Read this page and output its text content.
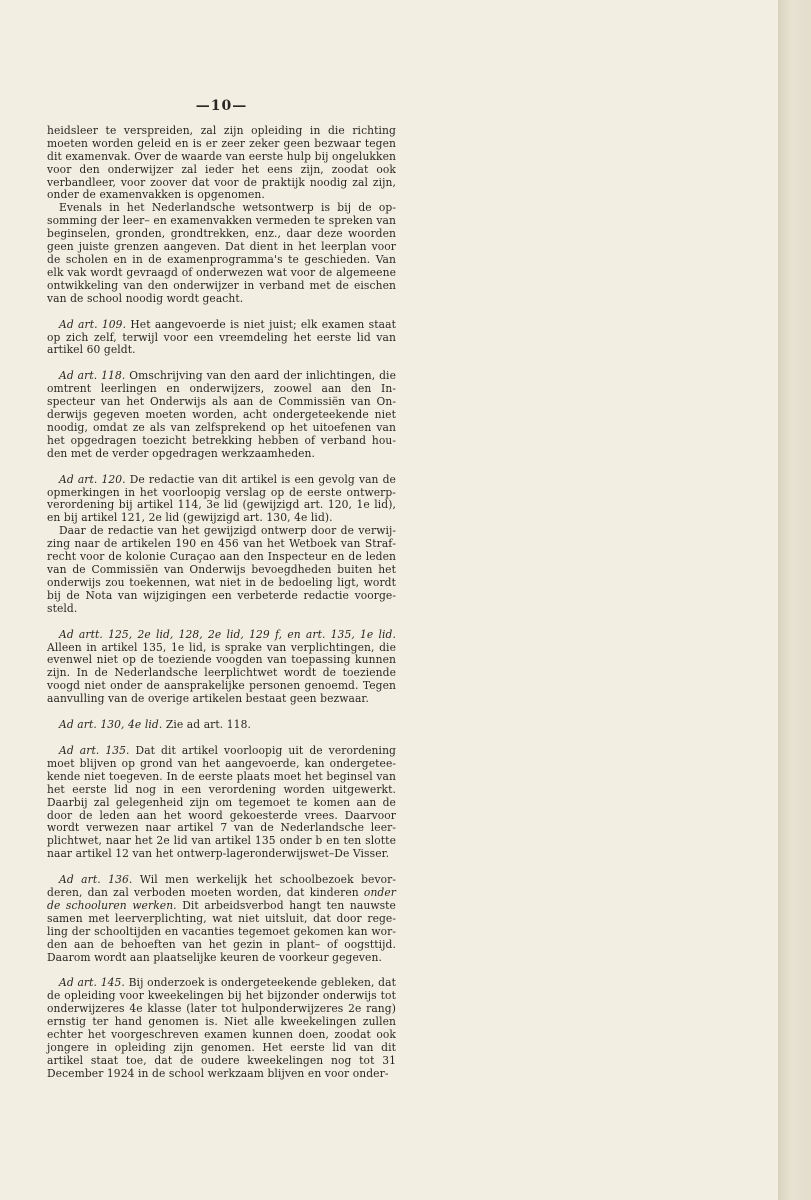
—10—

heidsleer te verspreiden, zal zijn opleiding in die richting moeten worden geleid en is er zeer zeker geen bezwaar tegen dit examenvak. Over de waarde van eerste hulp bij ongelukken voor den onderwijzer zal ieder het eens zijn, zoodat ook verbandleer, voor zoover dat voor de praktijk noodig zal zijn, onder de examenvakken is opgenomen.

Evenals in het Nederlandsche wetsontwerp is bij de opsomming der leer– en examenvakken vermeden te spreken van beginselen, gronden, grondtrekken, enz., daar deze woorden geen juiste grenzen aangeven. Dat dient in het leerplan voor de scholen en in de examenprogramma's te geschieden. Van elk vak wordt gevraagd of onderwezen wat voor de algemeene ontwikkeling van den onderwijzer in verband met de eischen van de school noodig wordt geacht.

Ad art. 109. Het aangevoerde is niet juist; elk examen staat op zich zelf, terwijl voor een vreemdeling het eerste lid van artikel 60 geldt.

Ad art. 118. Omschrijving van den aard der inlichtingen, die omtrent leerlingen en onderwijzers, zoowel aan den Inspecteur van het Onderwijs als aan de Commissiën van Onderwijs gegeven moeten worden, acht ondergeteekende niet noodig, omdat ze als van zelfsprekend op het uitoefenen van het opgedragen toezicht betrekking hebben of verband houden met de verder opgedragen werkzaamheden.

Ad art. 120. De redactie van dit artikel is een gevolg van de opmerkingen in het voorloopig verslag op de eerste ontwerp-verordening bij artikel 114, 3e lid (gewijzigd art. 120, 1e lid), en bij artikel 121, 2e lid (gewijzigd art. 130, 4e lid).

Daar de redactie van het gewijzigd ontwerp door de verwijzing naar de artikelen 190 en 456 van het Wetboek van Strafrecht voor de kolonie Curaçao aan den Inspecteur en de leden van de Commissiën van Onderwijs bevoegdheden buiten het onderwijs zou toekennen, wat niet in de bedoeling ligt, wordt bij de Nota van wijzigingen een verbeterde redactie voorgesteld.

Ad artt. 125, 2e lid, 128, 2e lid, 129 f, en art. 135, 1e lid. Alleen in artikel 135, 1e lid, is sprake van verplichtingen, die evenwel niet op de toeziende voogden van toepassing kunnen zijn. In de Nederlandsche leerplichtwet wordt de toeziende voogd niet onder de aansprakelijke personen genoemd. Tegen aanvulling van de overige artikelen bestaat geen bezwaar.

Ad art. 130, 4e lid. Zie ad art. 118.

Ad art. 135. Dat dit artikel voorloopig uit de verordening moet blijven op grond van het aangevoerde, kan ondergeteekende niet toegeven. In de eerste plaats moet het beginsel van het eerste lid nog in een verordening worden uitgewerkt. Daarbij zal gelegenheid zijn om tegemoet te komen aan de door de leden aan het woord gekoesterde vrees. Daarvoor wordt verwezen naar artikel 7 van de Nederlandsche leerplichtwet, naar het 2e lid van artikel 135 onder b en ten slotte naar artikel 12 van het ontwerp-lageronderwijswet–De Visser.

Ad art. 136. Wil men werkelijk het schoolbezoek bevorderen, dan zal verboden moeten worden, dat kinderen onder de schooluren werken. Dit arbeidsverbod hangt ten nauwste samen met leerverplichting, wat niet uitsluit, dat door regeling der schooltijden en vacanties tegemoet gekomen kan worden aan de behoeften van het gezin in plant– of oogsttijd. Daarom wordt aan plaatselijke keuren de voorkeur gegeven.

Ad art. 145. Bij onderzoek is ondergeteekende gebleken, dat de opleiding voor kweekelingen bij het bijzonder onderwijs tot onderwijzeres 4e klasse (later tot hulponderwijzeres 2e rang) ernstig ter hand genomen is. Niet alle kweekelingen zullen echter het voorgeschreven examen kunnen doen, zoodat ook jongere in opleiding zijn genomen. Het eerste lid van dit artikel staat toe, dat de oudere kweekelingen nog tot 31 December 1924 in de school werkzaam blijven en voor onder-
